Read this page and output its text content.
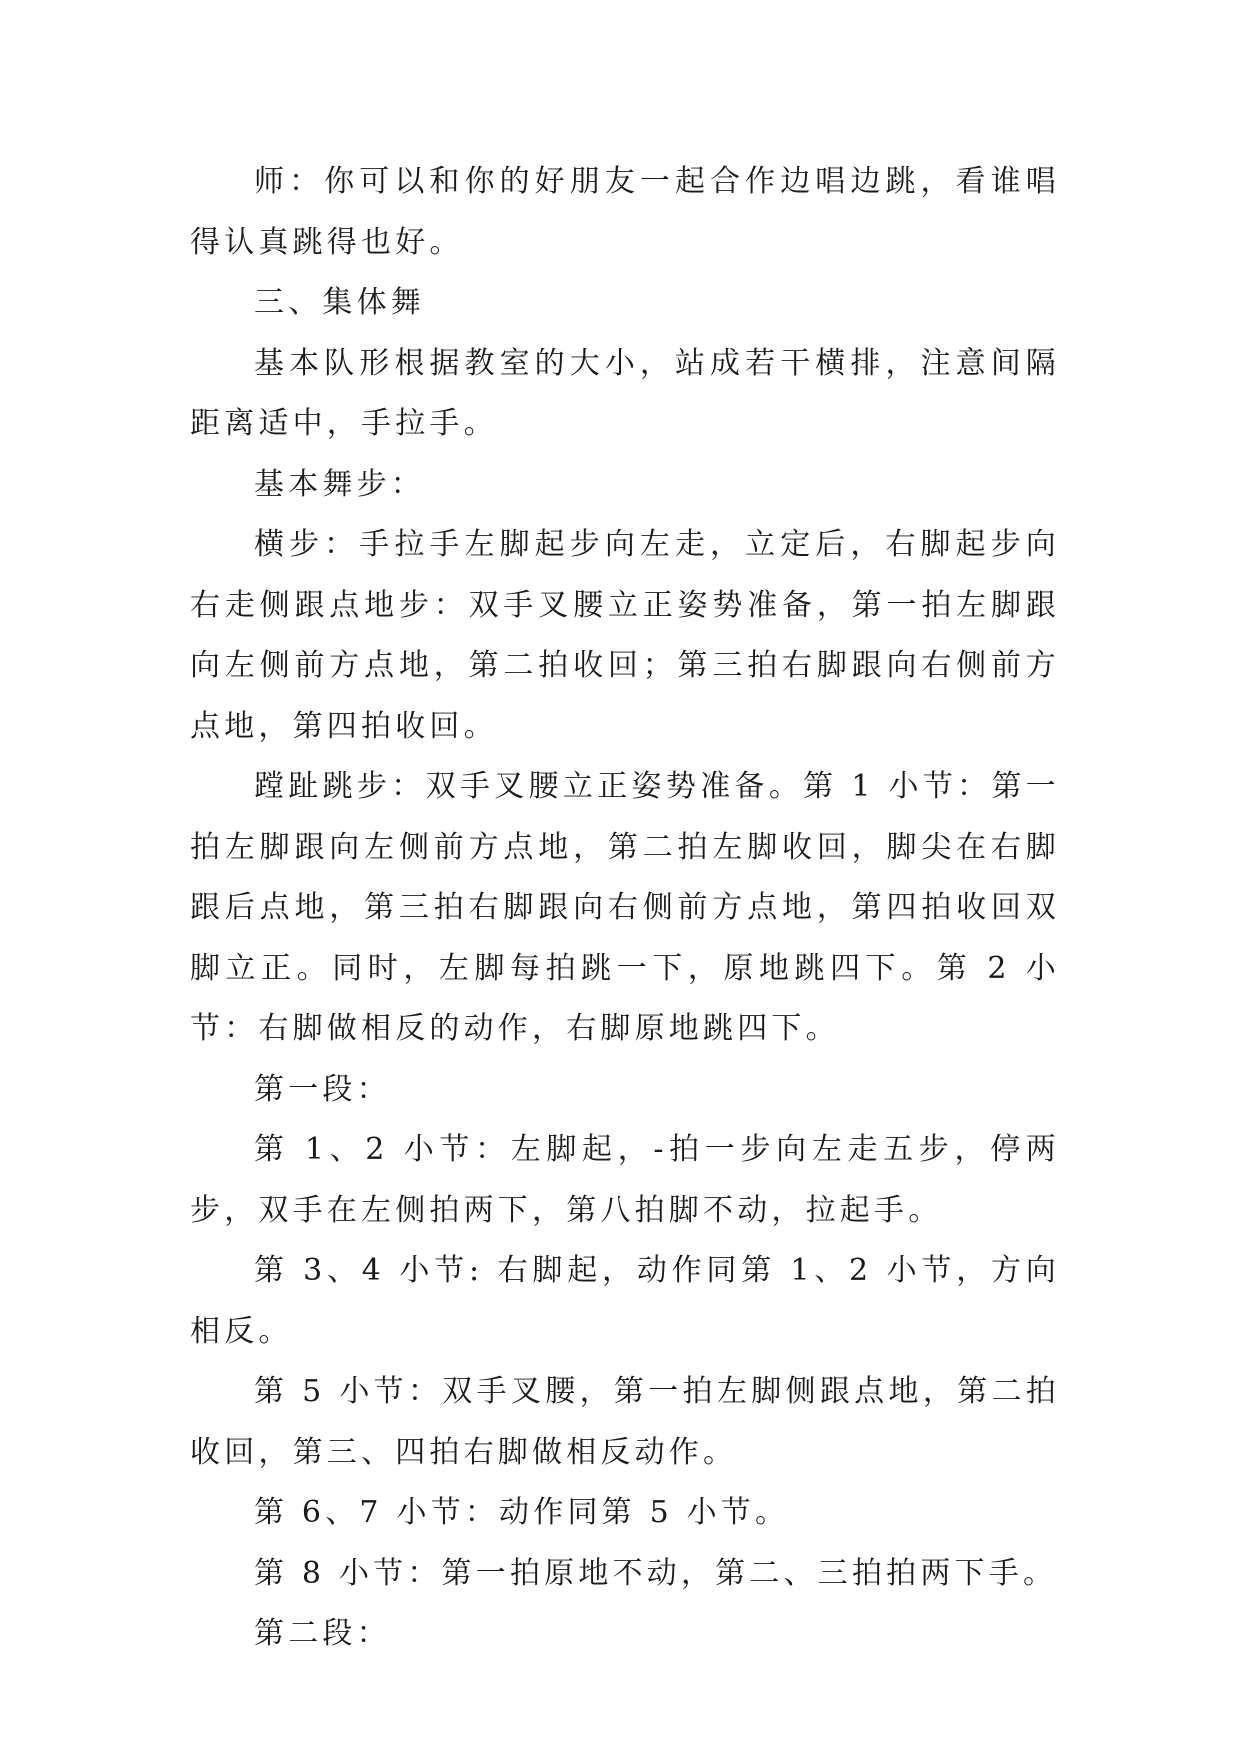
师：你可以和你的好朋友一起合作边唱边跳，看谁唱得认真跳得也好。

三、集体舞

基本队形根据教室的大小，站成若干横排，注意间隔距离适中，手拉手。

基本舞步：

横步：手拉手左脚起步向左走，立定后，右脚起步向右走侧跟点地步：双手叉腰立正姿势准备，第一拍左脚跟向左侧前方点地，第二拍收回；第三拍右脚跟向右侧前方点地，第四拍收回。

蹚趾跳步：双手叉腰立正姿势准备。第 1 小节：第一拍左脚跟向左侧前方点地，第二拍左脚收回，脚尖在右脚跟后点地，第三拍右脚跟向右侧前方点地，第四拍收回双脚立正。同时，左脚每拍跳一下，原地跳四下。第 2 小节：右脚做相反的动作，右脚原地跳四下。

第一段：

第 1、2 小节：左脚起，-拍一步向左走五步，停两步，双手在左侧拍两下，第八拍脚不动，拉起手。

第 3、4 小节: 右脚起，动作同第 1、2 小节，方向相反。

第 5 小节：双手叉腰，第一拍左脚侧跟点地，第二拍收回，第三、四拍右脚做相反动作。

第 6、7 小节：动作同第 5 小节。

第 8 小节：第一拍原地不动，第二、三拍拍两下手。

第二段：
